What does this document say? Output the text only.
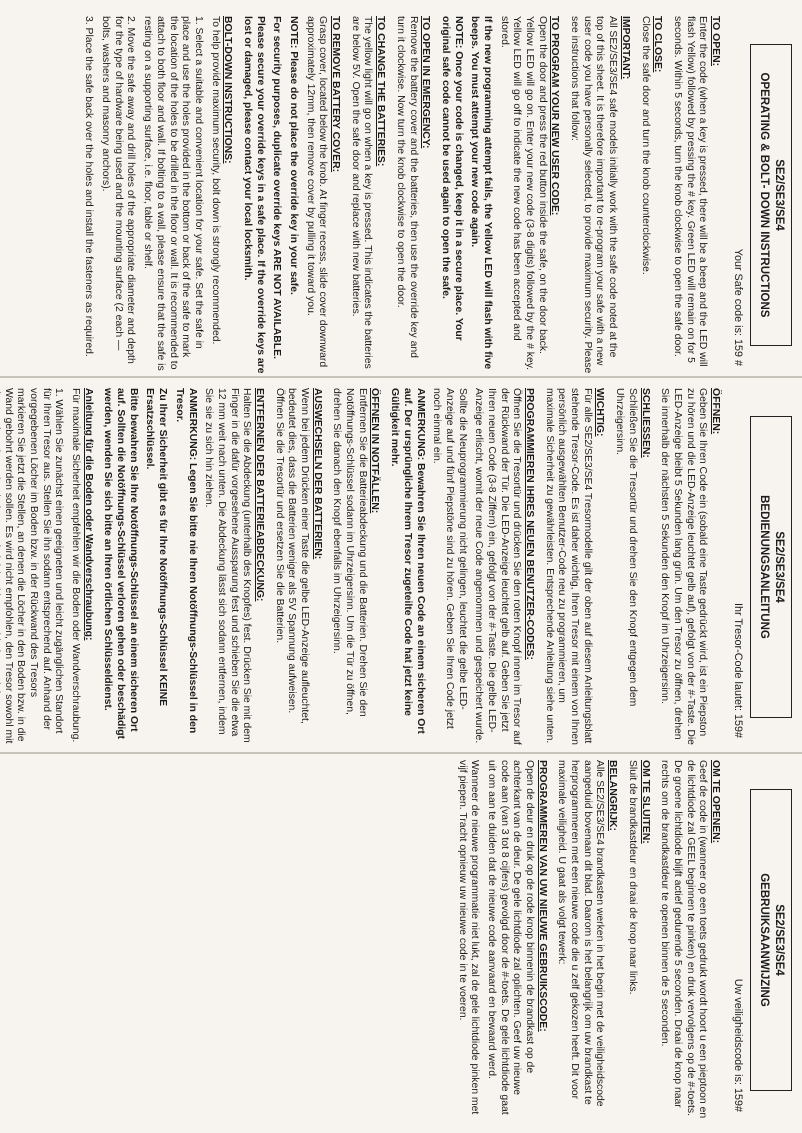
SE2/SE3/SE4
OPERATING & BOLT- DOWN INSTRUCTIONS
Your Safe code is: 159 #
TO OPEN:

Enter the code (when a key is pressed, there will be a beep and the LED will flash Yellow) followed by pressing the # key. Green LED will remain on for 5 seconds. Within 5 seconds, turn the knob clockwise to open the safe door.

TO CLOSE:

Close the safe door and turn the knob counterclockwise.

IMPORTANT:

All SE2/SE3/SE4 safe models initially work with the safe code noted at the top of this sheet. It is therefore important to re-program your safe with a new user code you have personally selected, to provide maximum security. Please see instructions that follow:

TO PROGRAM YOUR NEW USER CODE:

Open the door and press the red button inside the safe, on the door back. Yellow LED will go on. Enter your new code (3-8 digits) followed by the # key. Yellow LED will go off to indicate the new code has been accepted and stored.

If the new programming attempt fails, the Yellow LED will flash with five beeps. You must attempt your new code again.

NOTE: Once your code is changed, keep it in a secure place. Your original safe code cannot be used again to open the safe.

TO OPEN IN EMERGENCY:

Remove the battery cover and the batteries, then use the override key and turn it clockwise. Now turn the knob clockwise to open the door.

TO CHANGE THE BATTERIES:

The yellow light will go on when a key is pressed. This indicates the batteries are below 5V. Open the safe door and replace with new batteries.

TO REMOVE BATTERY COVER:

Grasp cover, located below the knob. At finger recess, slide cover downward approximately 12mm, then remove cover by pulling it toward you.

NOTE: Please do not place the override key in your safe.

For security purposes, duplicate override keys ARE NOT AVAILABLE.

Please secure your override keys in a safe place. If the override keys are lost or damaged, please contact your local locksmith.

BOLT-DOWN INSTRUCTIONS:

To help provide maximum security, bolt down is strongly recommended.

1. Select a suitable and convenient location for your safe. Set the safe in place and use the holes provided in the bottom or back of the safe to mark the location of the holes to be drilled in the floor or wall. It is recommended to attach to both floor and wall. If bolting to a wall, please ensure that the safe is resting on a supporting surface, i.e. floor, table or shelf.

2. Move the safe away and drill holes of the appropriate diameter and depth for the type of hardware being used and the mounting surface (2 each — bolts, washers and masonry anchors).

3. Place the safe back over the holes and install the fasteners as required.

SE2/SE3/SE4
BEDIENUNGSANLEITUNG
Ihr Tresor-Code lautet: 159#
ÖFFNEN:

Geben Sie Ihren Code ein (sobald eine Taste gedrückt wird, ist ein Piepston zu hören und die LED-Anzeige leuchtet gelb auf), gefolgt von der #-Taste. Die LED-Anzeige bleibt 5 Sekunden lang grün. Um den Tresor zu öffnen, drehen Sie innerhalb der nächsten 5 Sekunden den Knopf im Uhrzeigersinn.

SCHLIESSEN:

Schließen Sie die Tresortür und drehen Sie den Knopf entgegen dem Uhrzeigersinn.

WICHTIG:

Für alle SE2/SE3/SE4 Tresormodelle gilt der oben auf diesem Anleitungsblatt stehende Tresor-Code. Es ist daher wichtig, Ihren Tresor mit einem von Ihnen persönlich ausgewählten Benutzer-Code neu zu programmieren, um maximale Sicherheit zu gewährleisten. Entsprechende Anleitung siehe unten.

PROGRAMMIEREN IHRES NEUEN BENUTZER-CODES:

Öffnen Sie die Tresortür und drücken Sie den roten Knopf innen im Tresor auf der Rückwand der Tür. Die LED-Anzeige leuchtet gelb auf. Geben Sie jetzt Ihren neuen Code (3-8 Ziffern) ein, gefolgt von der #-Taste. Die gelbe LED-Anzeige erlischt, womit der neue Code angenommen und gespeichert wurde.

Sollte die Neuprogrammierung nicht gelingen, leuchtet die gelbe LED-Anzeige auf und fünf Piepstöne sind zu hören. Geben Sie Ihren Code jetzt noch einmal ein.

ANMERKUNG: Bewahren Sie Ihren neuen Code an einem sicheren Ort auf. Der ursprüngliche Ihrem Tresor zugeteilte Code hat jetzt keine Gültigkeit mehr.

ÖFFNEN IN NOTFÄLLEN:

Entfernen Sie die Batterieabdeckung und die Batterien. Drehen Sie den Notöffnungs-Schlüssel sodann im Uhrzeigersinn. Um die Tür zu öffnen, drehen Sie danach den Knopf ebenfalls im Uhrzeigersinn.

AUSWECHSELN DER BATTERIEN:

Wenn bei jedem Drücken einer Taste die gelbe LED-Anzeige aufleuchtet, bedeutet dies, dass die Batterien weniger als 5V Spannung aufweisen. Öffnen Sie die Tresortür und ersetzen Sie die Batterien.

ENTFERNEN DER BATTERIEABDECKUNG:

Halten Sie die Abdeckung (unterhalb des Knopfes) fest. Drücken Sie mit dem Finger in die dafür vorgesehene Aussparung fest und schieben Sie die etwa 12 mm weit nach unten. Die Abdeckung lässt sich sodann entfernen, indem Sie sie zu sich hin ziehen.

ANMERKUNG: Legen Sie bitte nie Ihren Notöffnungs-Schlüssel in den Tresor.

Zu Ihrer Sicherheit gibt es für Ihre Notöffnungs-Schlüssel KEINE Ersatzschlüssel.

Bitte bewahren Sie Ihre Notöffnungs-Schlüssel an einem sicheren Ort auf. Sollten die Notöffnungs-Schlüssel verloren gehen oder beschädigt werden, wenden Sie sich bitte an Ihren örtlichen Schlüsseldienst.

Anleitung für die Boden oder Wandverschraubung:

Für maximale Sicherheit empfehlen wir die Boden oder Wandverschraubung.

1. Wählen Sie zunächst einen geeigneten und leicht zugänglichen Standort für Ihren Tresor aus. Stellen Sie ihn sodann entsprechend auf. Anhand der vorgegebenen Löcher im Boden bzw. in der Rückwand des Tresors markieren Sie jetzt die Stellen, an denen die Löcher in den Boden bzw. in die Wand gebohrt werden sollen. Es wird nicht empfohlen, den Tresor sowohl mit

SE2/SE3/SE4
GEBRUIKSAANWIJZING
Uw veiligheidscode is: 159#
OM TE OPENEN:

Geef de code in (wanneer op een toets gedrukt wordt hoort u een pieptoon en de lichtdiode zal GEEL beginnen te pinken) en druk vervolgens op de #-toets. De groene lichtdiode blijft actief gedurende 5 seconden. Draai de knop naar rechts om de brandkastdeur te openen binnen de 5 seconden.

OM TE SLUITEN:

Sluit de brandkastdeur en draai de knop naar links.

BELANGRIJK:

Alle SE2/SE3/SE4 brandkasten werken in het begin met de veiligheidscode aangeduid bovenaan dit blad. Daarom is het belangrijk om uw brandkast te herprogrammeren met een nieuwe code die u zelf gekozen heeft. Dit voor maximale veiligheid. U gaat als volgt tewerk:

PROGRAMMEREN VAN UW NIEUWE GEBRUIKSCODE:

Open de deur en druk op de rode knop binnenin de brandkast op de achterkant van de deur. De gele lichtdiode zal oplichten. Geef uw nieuwe code aan (van 3 tot 8 cijfers) gevolgd door de #-toets. De gele lichtdiode gaat uit om aan te duiden dat de nieuwe code aanvaard en bewaard werd.

Wanneer de nieuwe programmatie niet lukt, zal de gele lichtdiode pinken met vijf piepen. Tracht opnieuw uw nieuwe code in te voeren.
